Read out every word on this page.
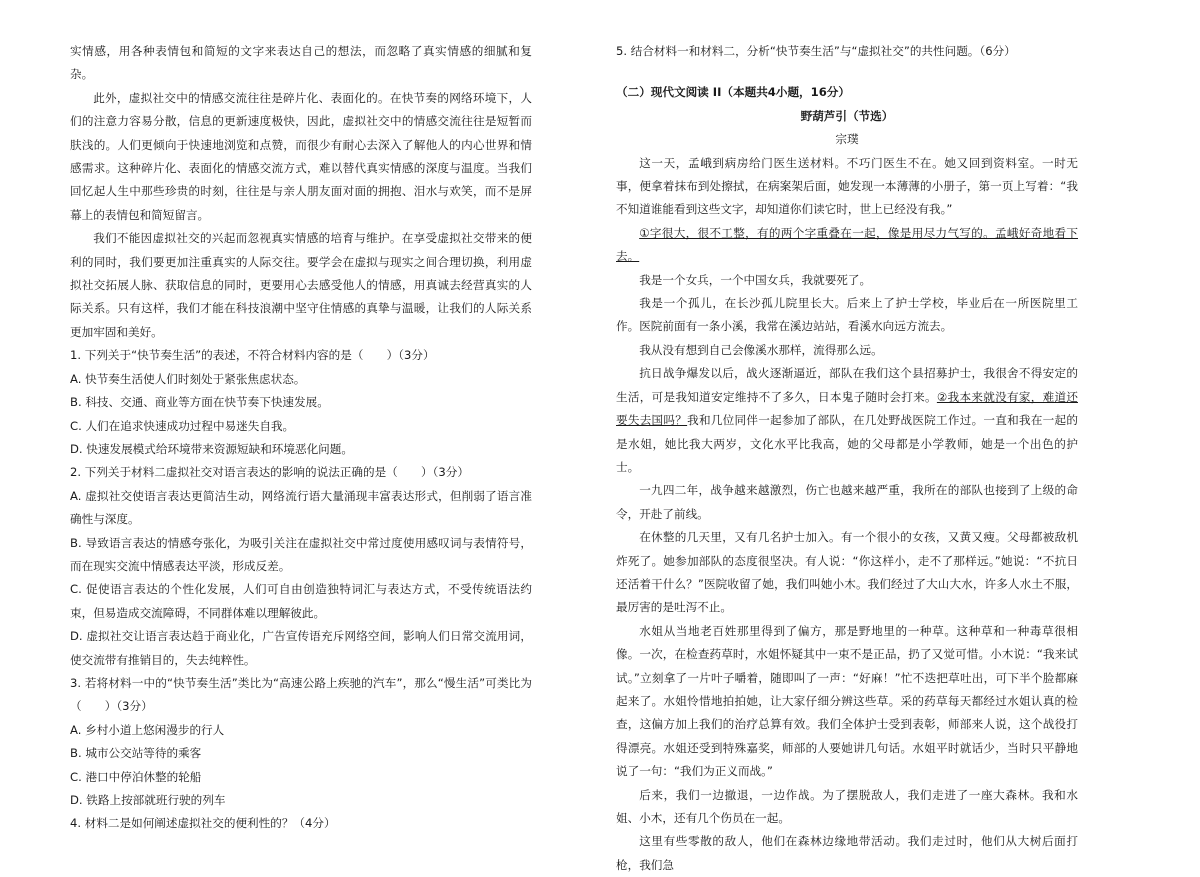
实情感，用各种表情包和简短的文字来表达自己的想法，而忽略了真实情感的细腻和复杂。

此外，虚拟社交中的情感交流往往是碎片化、表面化的。在快节奏的网络环境下，人们的注意力容易分散，信息的更新速度极快，因此，虚拟社交中的情感交流往往是短暂而肤浅的。人们更倾向于快速地浏览和点赞，而很少有耐心去深入了解他人的内心世界和情感需求。这种碎片化、表面化的情感交流方式，难以替代真实情感的深度与温度。当我们回忆起人生中那些珍贵的时刻，往往是与亲人朋友面对面的拥抱、泪水与欢笑，而不是屏幕上的表情包和简短留言。

我们不能因虚拟社交的兴起而忽视真实情感的培育与维护。在享受虚拟社交带来的便利的同时，我们要更加注重真实的人际交往。要学会在虚拟与现实之间合理切换，利用虚拟社交拓展人脉、获取信息的同时，更要用心去感受他人的情感，用真诚去经营真实的人际关系。只有这样，我们才能在科技浪潮中坚守住情感的真挚与温暖，让我们的人际关系更加牢固和美好。

1. 下列关于“快节奏生活”的表述，不符合材料内容的是（　　）（3分）

A. 快节奏生活使人们时刻处于紧张焦虑状态。

B. 科技、交通、商业等方面在快节奏下快速发展。

C. 人们在追求快速成功过程中易迷失自我。

D. 快速发展模式给环境带来资源短缺和环境恶化问题。

2. 下列关于材料二虚拟社交对语言表达的影响的说法正确的是（　　）（3分）

A. 虚拟社交使语言表达更简洁生动，网络流行语大量涌现丰富表达形式，但削弱了语言准确性与深度。

B. 导致语言表达的情感夸张化，为吸引关注在虚拟社交中常过度使用感叹词与表情符号，而在现实交流中情感表达平淡，形成反差。

C. 促使语言表达的个性化发展，人们可自由创造独特词汇与表达方式，不受传统语法约束，但易造成交流障碍，不同群体难以理解彼此。

D. 虚拟社交让语言表达趋于商业化，广告宣传语充斥网络空间，影响人们日常交流用词，使交流带有推销目的，失去纯粹性。

3. 若将材料一中的“快节奏生活”类比为“高速公路上疾驰的汽车”，那么“慢生活”可类比为（　　）（3分）

A. 乡村小道上悠闲漫步的行人

B. 城市公交站等待的乘客

C. 港口中停泊休整的轮船

D. 铁路上按部就班行驶的列车

4. 材料二是如何阐述虚拟社交的便利性的？（4分）

5. 结合材料一和材料二，分析“快节奏生活”与“虚拟社交”的共性问题。（6分）

（二）现代文阅读 II（本题共4小题，16分）

野葫芦引（节选）

宗璞

这一天，孟峨到病房给门医生送材料。不巧门医生不在。她又回到资料室。一时无事，便拿着抹布到处擦拭，在病案架后面，她发现一本薄薄的小册子，第一页上写着：“我不知道谁能看到这些文字，却知道你们读它时，世上已经没有我。”

①字很大，很不工整，有的两个字重叠在一起，像是用尽力气写的。孟峨好奇地看下去。

我是一个女兵，一个中国女兵，我就要死了。

我是一个孤儿，在长沙孤儿院里长大。后来上了护士学校，毕业后在一所医院里工作。医院前面有一条小溪，我常在溪边站站，看溪水向远方流去。

我从没有想到自己会像溪水那样，流得那么远。

抗日战争爆发以后，战火逐渐逼近，部队在我们这个县招募护士，我很舍不得安定的生活，可是我知道安定维持不了多久，日本鬼子随时会打来。②我本来就没有家，难道还要失去国吗？我和几位同伴一起参加了部队，在几处野战医院工作过。一直和我在一起的是水姐，她比我大两岁，文化水平比我高，她的父母都是小学教师，她是一个出色的护士。

一九四二年，战争越来越激烈，伤亡也越来越严重，我所在的部队也接到了上级的命令，开赴了前线。

在休整的几天里，又有几名护士加入。有一个很小的女孩，又黄又瘦。父母都被敌机炸死了。她参加部队的态度很坚决。有人说：“你这样小，走不了那样远。”她说：“不抗日还活着干什么？”医院收留了她，我们叫她小木。我们经过了大山大水，许多人水土不服，最厉害的是吐泻不止。

水姐从当地老百姓那里得到了偏方，那是野地里的一种草。这种草和一种毒草很相像。一次，在检查药草时，水姐怀疑其中一束不是正品，扔了又觉可惜。小木说：“我来试试。”立刻拿了一片叶子嚼着，随即叫了一声：“好麻！”忙不迭把草吐出，可下半个脸都麻起来了。水姐怜惜地拍拍她，让大家仔细分辨这些草。采的药草每天都经过水姐认真的检查，这偏方加上我们的治疗总算有效。我们全体护士受到表彰，师部来人说，这个战役打得漂亮。水姐还受到特殊嘉奖，师部的人要她讲几句话。水姐平时就话少，当时只平静地说了一句：“我们为正义而战。”

后来，我们一边撤退，一边作战。为了摆脱敌人，我们走进了一座大森林。我和水姐、小木，还有几个伤员在一起。

这里有些零散的敌人，他们在森林边缘地带活动。我们走过时，他们从大树后面打枪，我们急
